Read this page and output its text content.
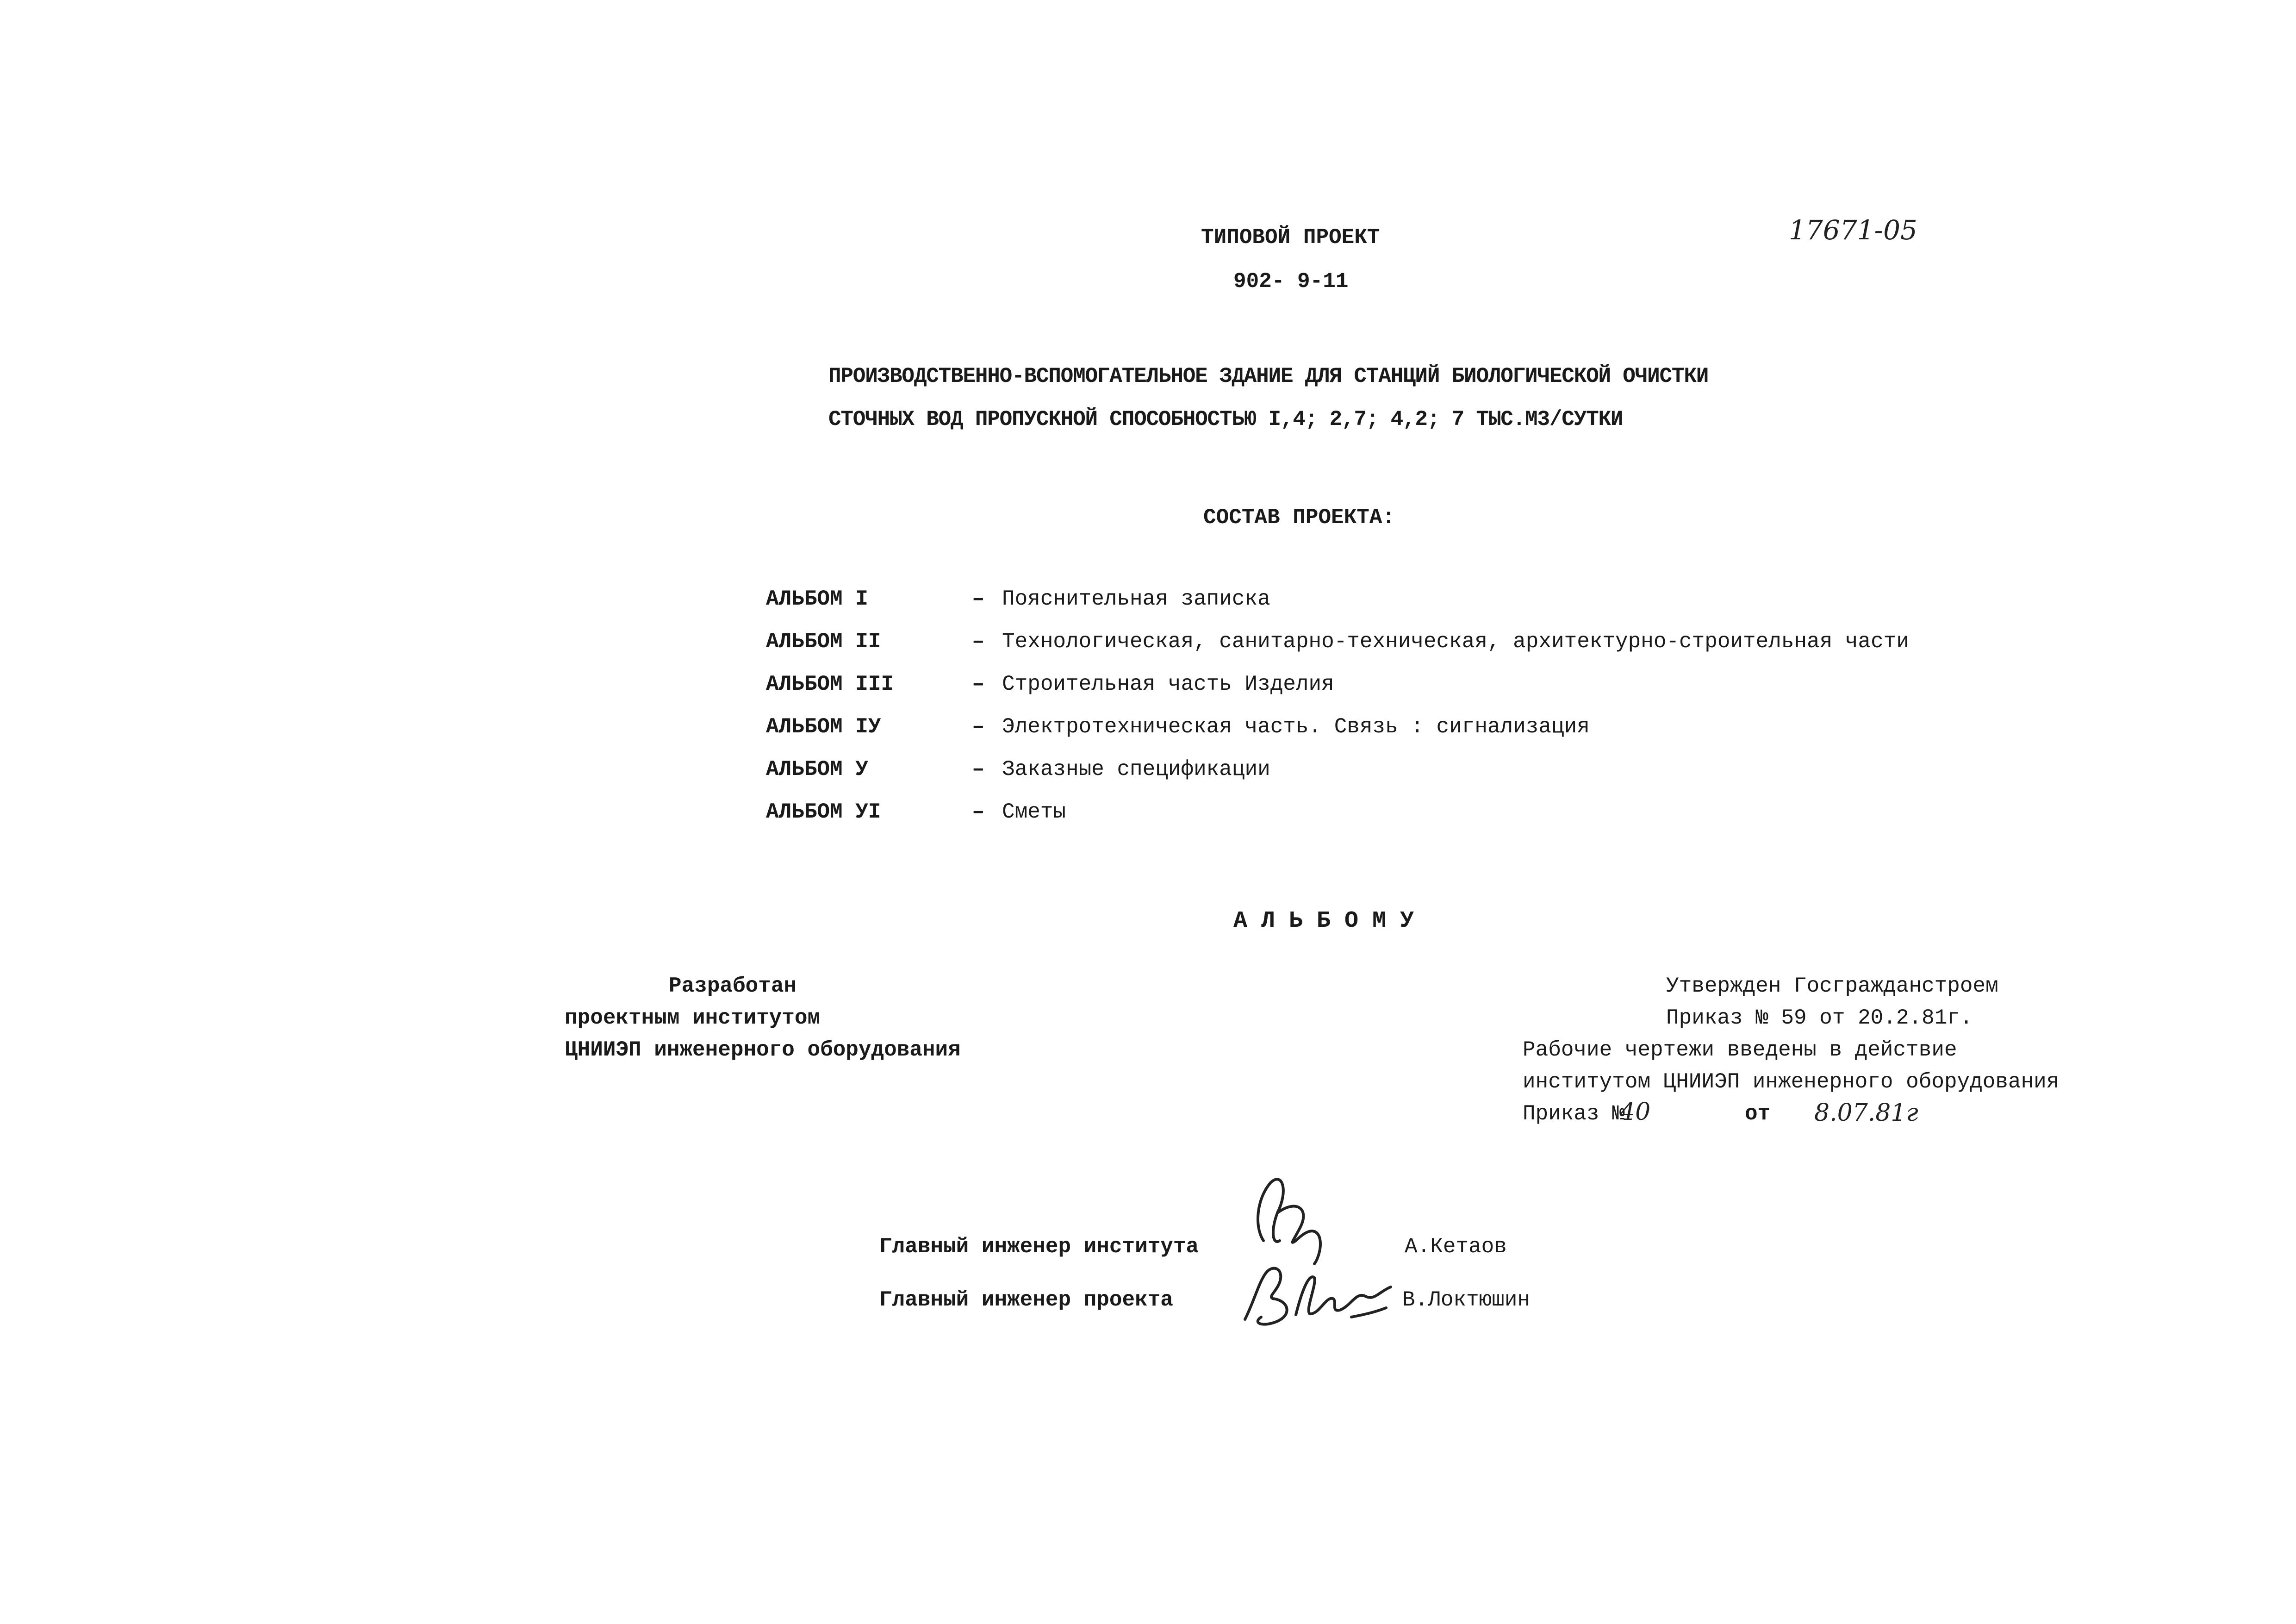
ТИПОВОЙ ПРОЕКТ
902- 9-11
17671-05
ПРОИЗВОДСТВЕННО-ВСПОМОГАТЕЛЬНОЕ ЗДАНИЕ ДЛЯ СТАНЦИЙ БИОЛОГИЧЕСКОЙ ОЧИСТКИ
СТОЧНЫХ ВОД ПРОПУСКНОЙ СПОСОБНОСТЬЮ I,4; 2,7; 4,2; 7 ТЫС.М3/СУТКИ
СОСТАВ ПРОЕКТА:
АЛЬБОМ I	– Пояснительная записка
АЛЬБОМ II	– Технологическая, санитарно-техническая, архитектурно-строительная части
АЛЬБОМ III	– Строительная часть Изделия
АЛЬБОМ IУ	– Электротехническая часть. Связь : сигнализация
АЛЬБОМ У	– Заказные спецификации
АЛЬБОМ УI	– Сметы
А Л Ь Б О М У
Разработан
проектным институтом
ЦНИИЭП инженерного оборудования
Утвержден Госгражданстроем
Приказ № 59 от 20.2.81г.
Рабочие чертежи введены в действие
институтом ЦНИИЭП инженерного оборудования
Приказ №
40	от 8.07.81г
Главный инженер института	А.Кетаов
Главный инженер проекта	В.Локтюшин
